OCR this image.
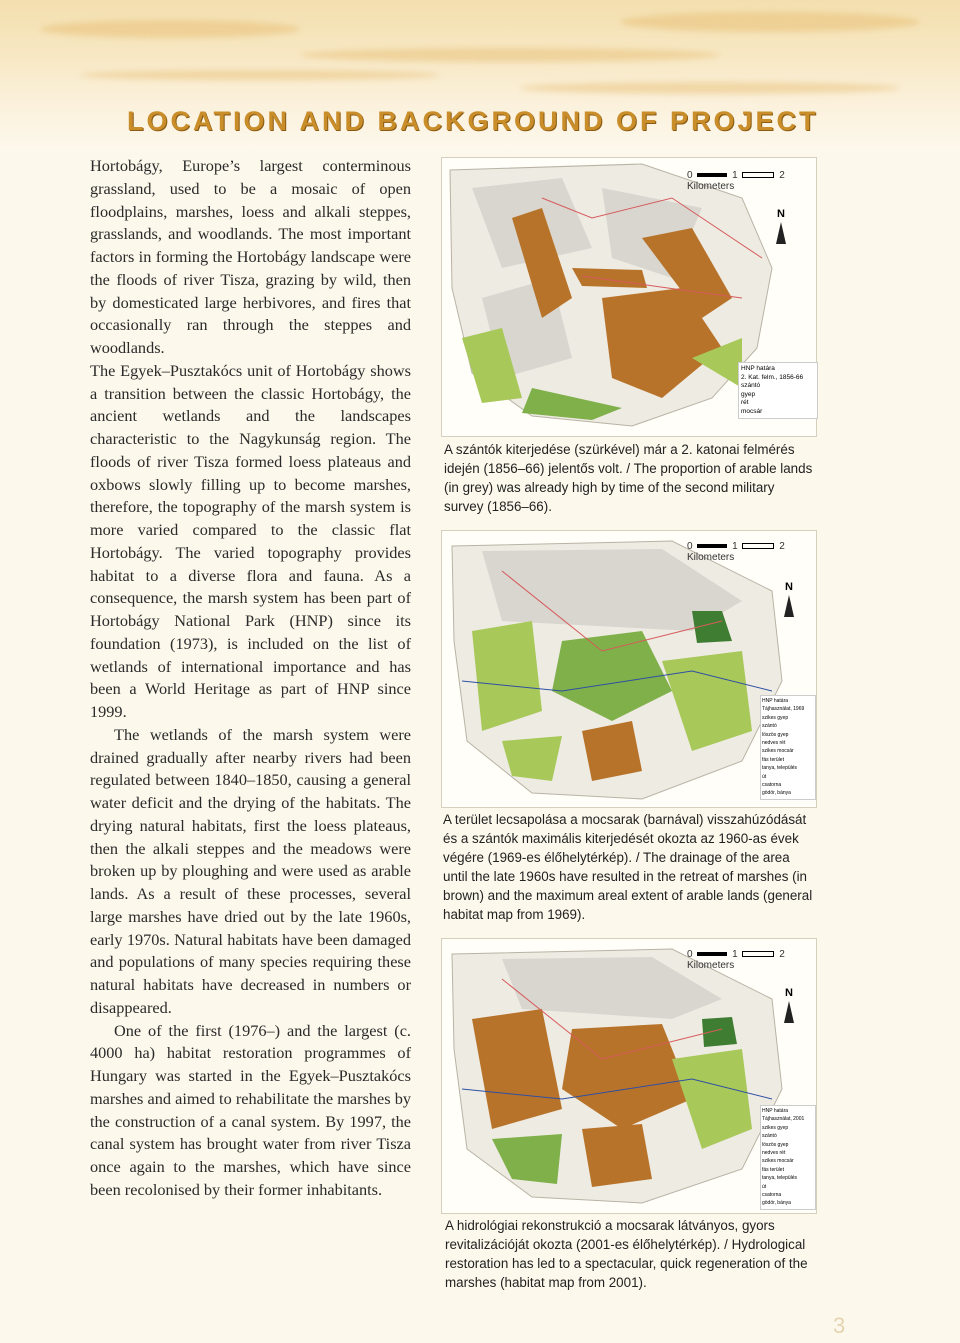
LOCATION AND BACKGROUND OF PROJECT

Hortobágy, Europe’s largest conterminous grassland, used to be a mosaic of open floodplains, marshes, loess and alkali steppes, grasslands, and woodlands. The most important factors in forming the Hortobágy landscape were the floods of river Tisza, grazing by wild, then by domesticated large herbivores, and fires that occasionally ran through the steppes and woodlands.

The Egyek–Pusztakócs unit of Hortobágy shows a transition between the classic Hortobágy, the ancient wetlands and the landscapes characteristic to the Nagykunság region. The floods of river Tisza formed loess plateaus and oxbows slowly filling up to become marshes, therefore, the topography of the marsh system is more varied compared to the classic flat Hortobágy. The varied topography provides habitat to a diverse flora and fauna. As a consequence, the marsh system has been part of Hortobágy National Park (HNP) since its foundation (1973), is included on the list of wetlands of international importance and has been a World Heritage as part of HNP since 1999.

The wetlands of the marsh system were drained gradually after nearby rivers had been regulated between 1840–1850, causing a general water deficit and the drying of the habitats. The drying natural habitats, first the loess plateaus, then the alkali steppes and the meadows were broken up by ploughing and were used as arable lands. As a result of these processes, several large marshes have dried out by the late 1960s, early 1970s. Natural habitats have been damaged and populations of many species requiring these natural habitats have decreased in numbers or disappeared.

One of the first (1976–) and the largest (c. 4000 ha) habitat restoration programmes of Hungary was started in the Egyek–Pusztakócs marshes and aimed to rehabilitate the marshes by the construction of a canal system. By 1997, the canal system has brought water from river Tisza once again to the marshes, which have since been recolonised by their former inhabitants.

0	1	2 Kilometers
N
HNP határa
2. Kat. felm., 1856-66
szántó
gyep
rét
mocsár
A szántók kiterjedése (szürkével) már a 2. katonai felmérés idején (1856–66) jelentős volt. / The proportion of arable lands (in grey) was already high by time of the second military survey (1856–66).
0	1	2 Kilometers
N
HNP határa
Tájhasználat, 1969
szikes gyep
szántó
löszös gyep
nedves rét
szikes mocsár
fás terület
tanya, település
út
csatorna
gödör, bánya
A terület lecsapolása a mocsarak (barnával) visszahúzódását és a szántók maximális kiterjedését okozta az 1960-as évek végére (1969-es élőhelytérkép). / The drainage of the area until the late 1960s have resulted in the retreat of marshes (in brown) and the maximum areal extent of arable lands (general habitat map from 1969).
0	1	2 Kilometers
N
HNP határa
Tájhasználat, 2001
szikes gyep
szántó
löszös gyep
nedves rét
szikes mocsár
fás terület
tanya, település
út
csatorna
gödör, bánya
A hidrológiai rekonstrukció a mocsarak látványos, gyors revitalizációját okozta (2001-es élőhelytérkép). / Hydrological restoration has led to a spectacular, quick regeneration of the marshes (habitat map from 2001).
3
